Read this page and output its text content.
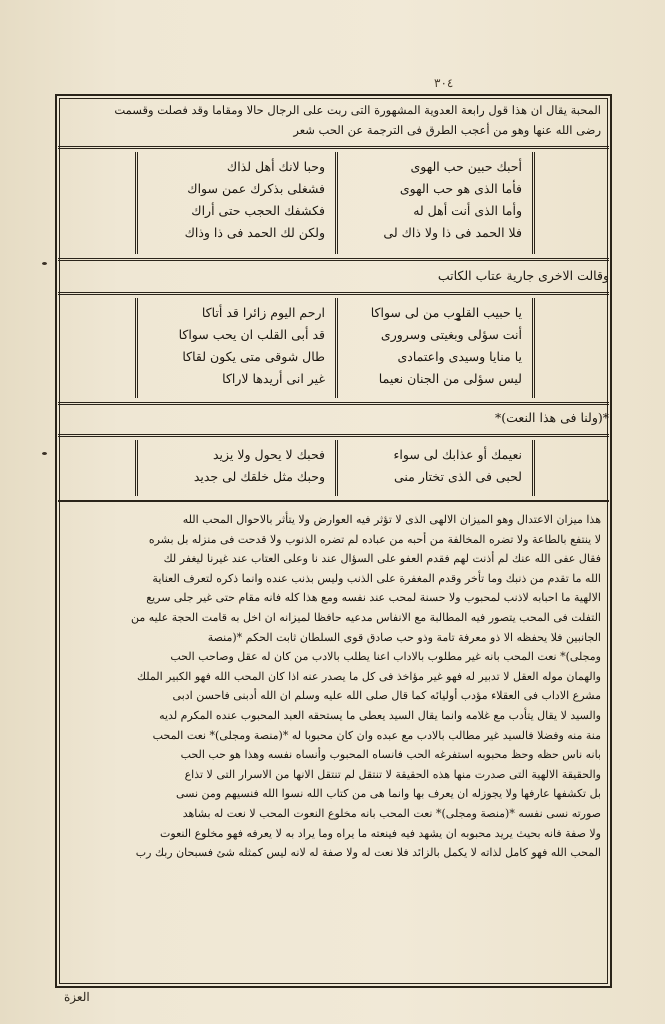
٣٠٤
المحبة يقال ان هذا قول رابعة العدوية المشهورة التى ربت على الرجال حالا ومقاما وقد فصلت وقسمت
رضى الله عنها وهو من أعجب الطرق فى الترجمة عن الحب شعر
أحبك حبين حب الهوى
فأما الذى هو حب الهوى
وأما الذى أنت أهل له
فلا الحمد فى ذا ولا ذاك لى
وحبا لانك أهل لذاك
فشغلى بذكرك عمن سواك
فكشفك الحجب حتى أراك
ولكن لك الحمد فى ذا وذاك
وقالت الاخرى جارية عتاب الكاتب
يا حبيب القلوب من لى سواكا
أنت سؤلى وبغيتى وسرورى
يا منايا وسيدى واعتمادى
ليس سؤلى من الجنان نعيما
ارحم اليوم زائرا قد أتاكا
قد أبى القلب ان يحب سواكا
طال شوقى متى يكون لقاكا
غير انى أريدها لاراكا
*(ولنا فى هذا النعت)*
نعيمك أو عذابك لى سواء
لحبى فى الذى تختار منى
فحبك لا يحول ولا يزيد
وحبك مثل خلقك لى جديد
هذا ميزان الاعتدال وهو الميزان الالهى الذى لا تؤثر فيه العوارض ولا يتأثر بالاحوال المحب الله
لا ينتفع بالطاعة ولا تضره المخالفة من أحبه من عباده لم تضره الذنوب ولا قدحت فى منزله بل بشره
فقال عفى الله عنك لم أذنت لهم فقدم العفو على السؤال عند نا وعلى العتاب عند غيرنا ليغفر لك
الله ما تقدم من ذنبك وما تأخر وقدم المغفرة على الذنب وليس بذنب عنده وانما ذكره لتعرف العناية
الالهية ما احبابه لاذنب لمحبوب ولا حسنة لمحب عند نفسه ومع هذا كله فانه مقام حتى غير جلى سريع
التفلت فى المحب يتصور فيه المطالبة مع الانفاس مدعيه حافظا لميزانه ان اخل به قامت الحجة عليه من
الجانبين فلا يحفظه الا ذو معرفة تامة وذو حب صادق قوى السلطان ثابت الحكم *(منصة
ومجلى)* نعت المحب بانه غير مطلوب بالاداب اعنا يطلب بالادب من كان له عقل وصاحب الحب
والهمان موله العقل لا تدبير له فهو غير مؤاخذ فى كل ما يصدر عنه اذا كان المحب الله فهو الكبير الملك
مشرع الاداب فى العقلاء مؤدب أوليائه كما قال صلى الله عليه وسلم ان الله أدبنى فاحسن ادبى
والسيد لا يقال يتأدب مع غلامه وانما يقال السيد يعطى ما يستحقه العبد المحبوب عنده المكرم لديه
منة منه وفضلا فالسيد غير مطالب بالادب مع عبده وان كان محبوبا له *(منصة ومجلى)* نعت المحب
بانه ناس حظه وحظ محبوبه استفرغه الحب فانساه المحبوب وأنساه نفسه وهذا هو حب الحب
والحقيقة الالهية التى صدرت منها هذه الحقيقة لا تنتقل لم تنتقل الانها من الاسرار التى لا تذاع
بل تكشفها عارفها ولا يجوزله ان يعرف بها وانما هى من كتاب الله نسوا الله فنسيهم ومن نسى
صورته نسى نفسه *(منصة ومجلى)* نعت المحب بانه مخلوع النعوت المحب لا نعت له بشاهد
ولا صفة فانه بحيث يريد محبوبه ان يشهد فيه فينعته ما يراه وما يراد به لا يعرفه فهو مخلوع النعوت
المحب الله فهو كامل لذاته لا يكمل بالزائد فلا نعت له ولا صفة له لانه ليس كمثله شئ فسبحان ربك رب
العزة
